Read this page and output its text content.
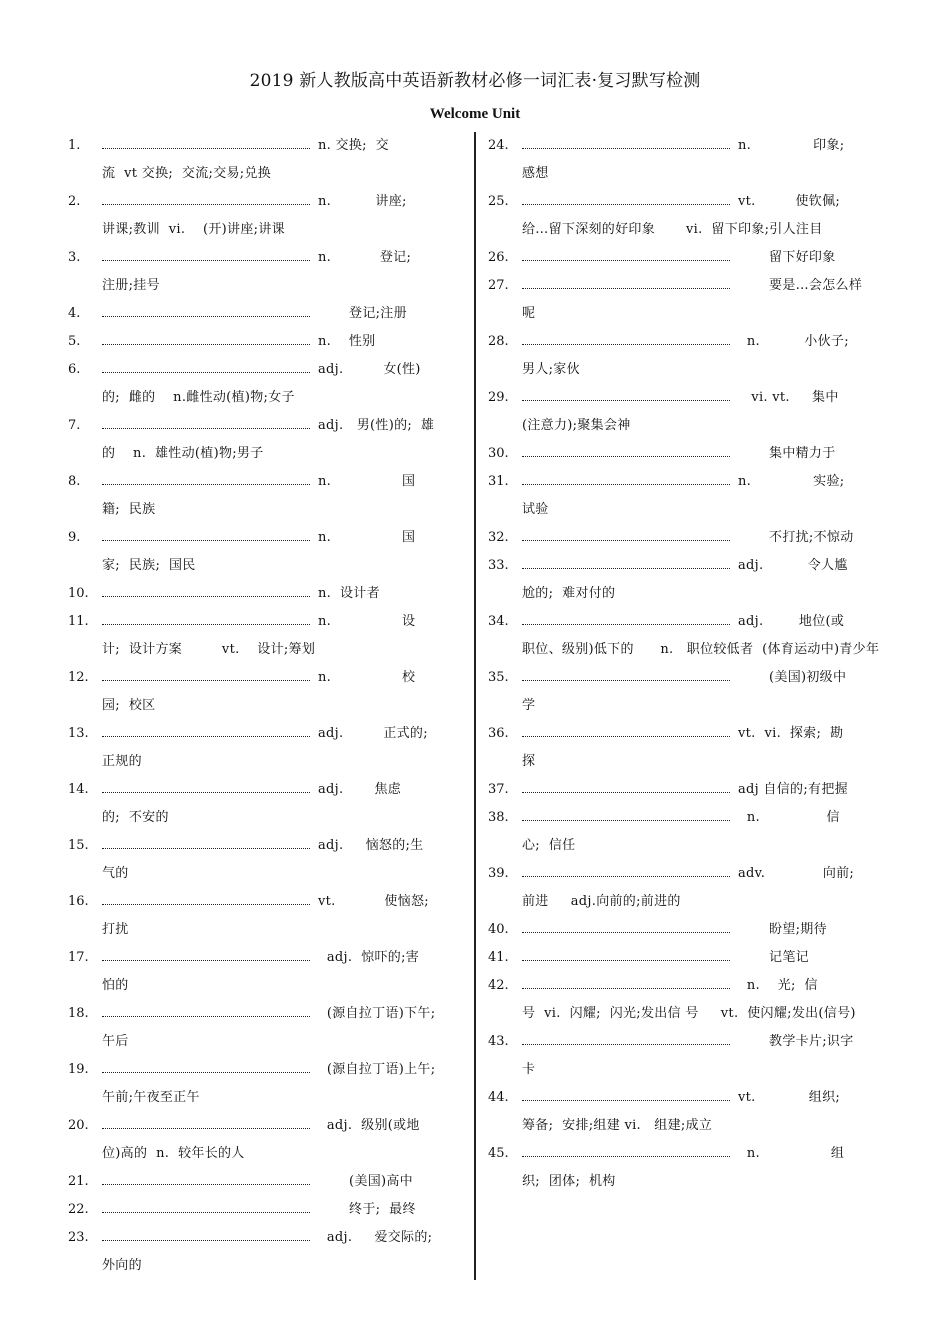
2019 新人教版高中英语新教材必修一词汇表·复习默写检测
Welcome Unit
1.	n. 交换;  交
流  vt 交换;  交流;交易;兑换
2.	n.          讲座;
讲课;教训  vi.    (开)讲座;讲课
3.	n.           登记;
注册;挂号
4.	登记;注册
5.	n.    性别
6.	adj.         女(性)
的;  雌的    n.雌性动(植)物;女子
7.	adj.   男(性)的;  雄
的    n.  雄性动(植)物;男子
8.	n.                国
籍;  民族
9.	n.                国
家;  民族;  国民
10.	n.  设计者
11.	n.                设
计;  设计方案         vt.    设计;筹划
12.	n.                校
园;  校区
13.	adj.         正式的;
正规的
14.	adj.       焦虑
的;  不安的
15.	adj.     恼怒的;生
气的
16.	vt.           使恼怒;
打扰
17.	adj.  惊吓的;害
怕的
18.	(源自拉丁语)下午;
午后
19.	(源自拉丁语)上午;
午前;午夜至正午
20.	adj.  级别(或地
位)高的  n.  较年长的人
21.	(美国)高中
22.	终于;  最终
23.	adj.     爱交际的;
外向的
24.	n.              印象;
感想
25.	vt.         使钦佩;
给…留下深刻的好印象       vi.  留下印象;引人注目
26.	留下好印象
27.	要是…会怎么样
呢
28.	n.          小伙子;
男人;家伙
29.	vi. vt.     集中
(注意力);聚集会神
30.	集中精力于
31.	n.              实验;
试验
32.	不打扰;不惊动
33.	adj.          令人尴
尬的;  难对付的
34.	adj.        地位(或
职位、级别)低下的      n.   职位较低者  (体育运动中)青少年
35.	(美国)初级中
学
36.	vt.  vi.  探索;  勘
探
37.	adj 自信的;有把握
38.	n.               信
心;  信任
39.	adv.             向前;
前进     adj.向前的;前进的
40.	盼望;期待
41.	记笔记
42.	n.    光;  信
号  vi.  闪耀;  闪光;发出信 号     vt.  使闪耀;发出(信号)
43.	教学卡片;识字
卡
44.	vt.            组织;
筹备;  安排;组建 vi.   组建;成立
45.	n.                组
织;  团体;  机构
